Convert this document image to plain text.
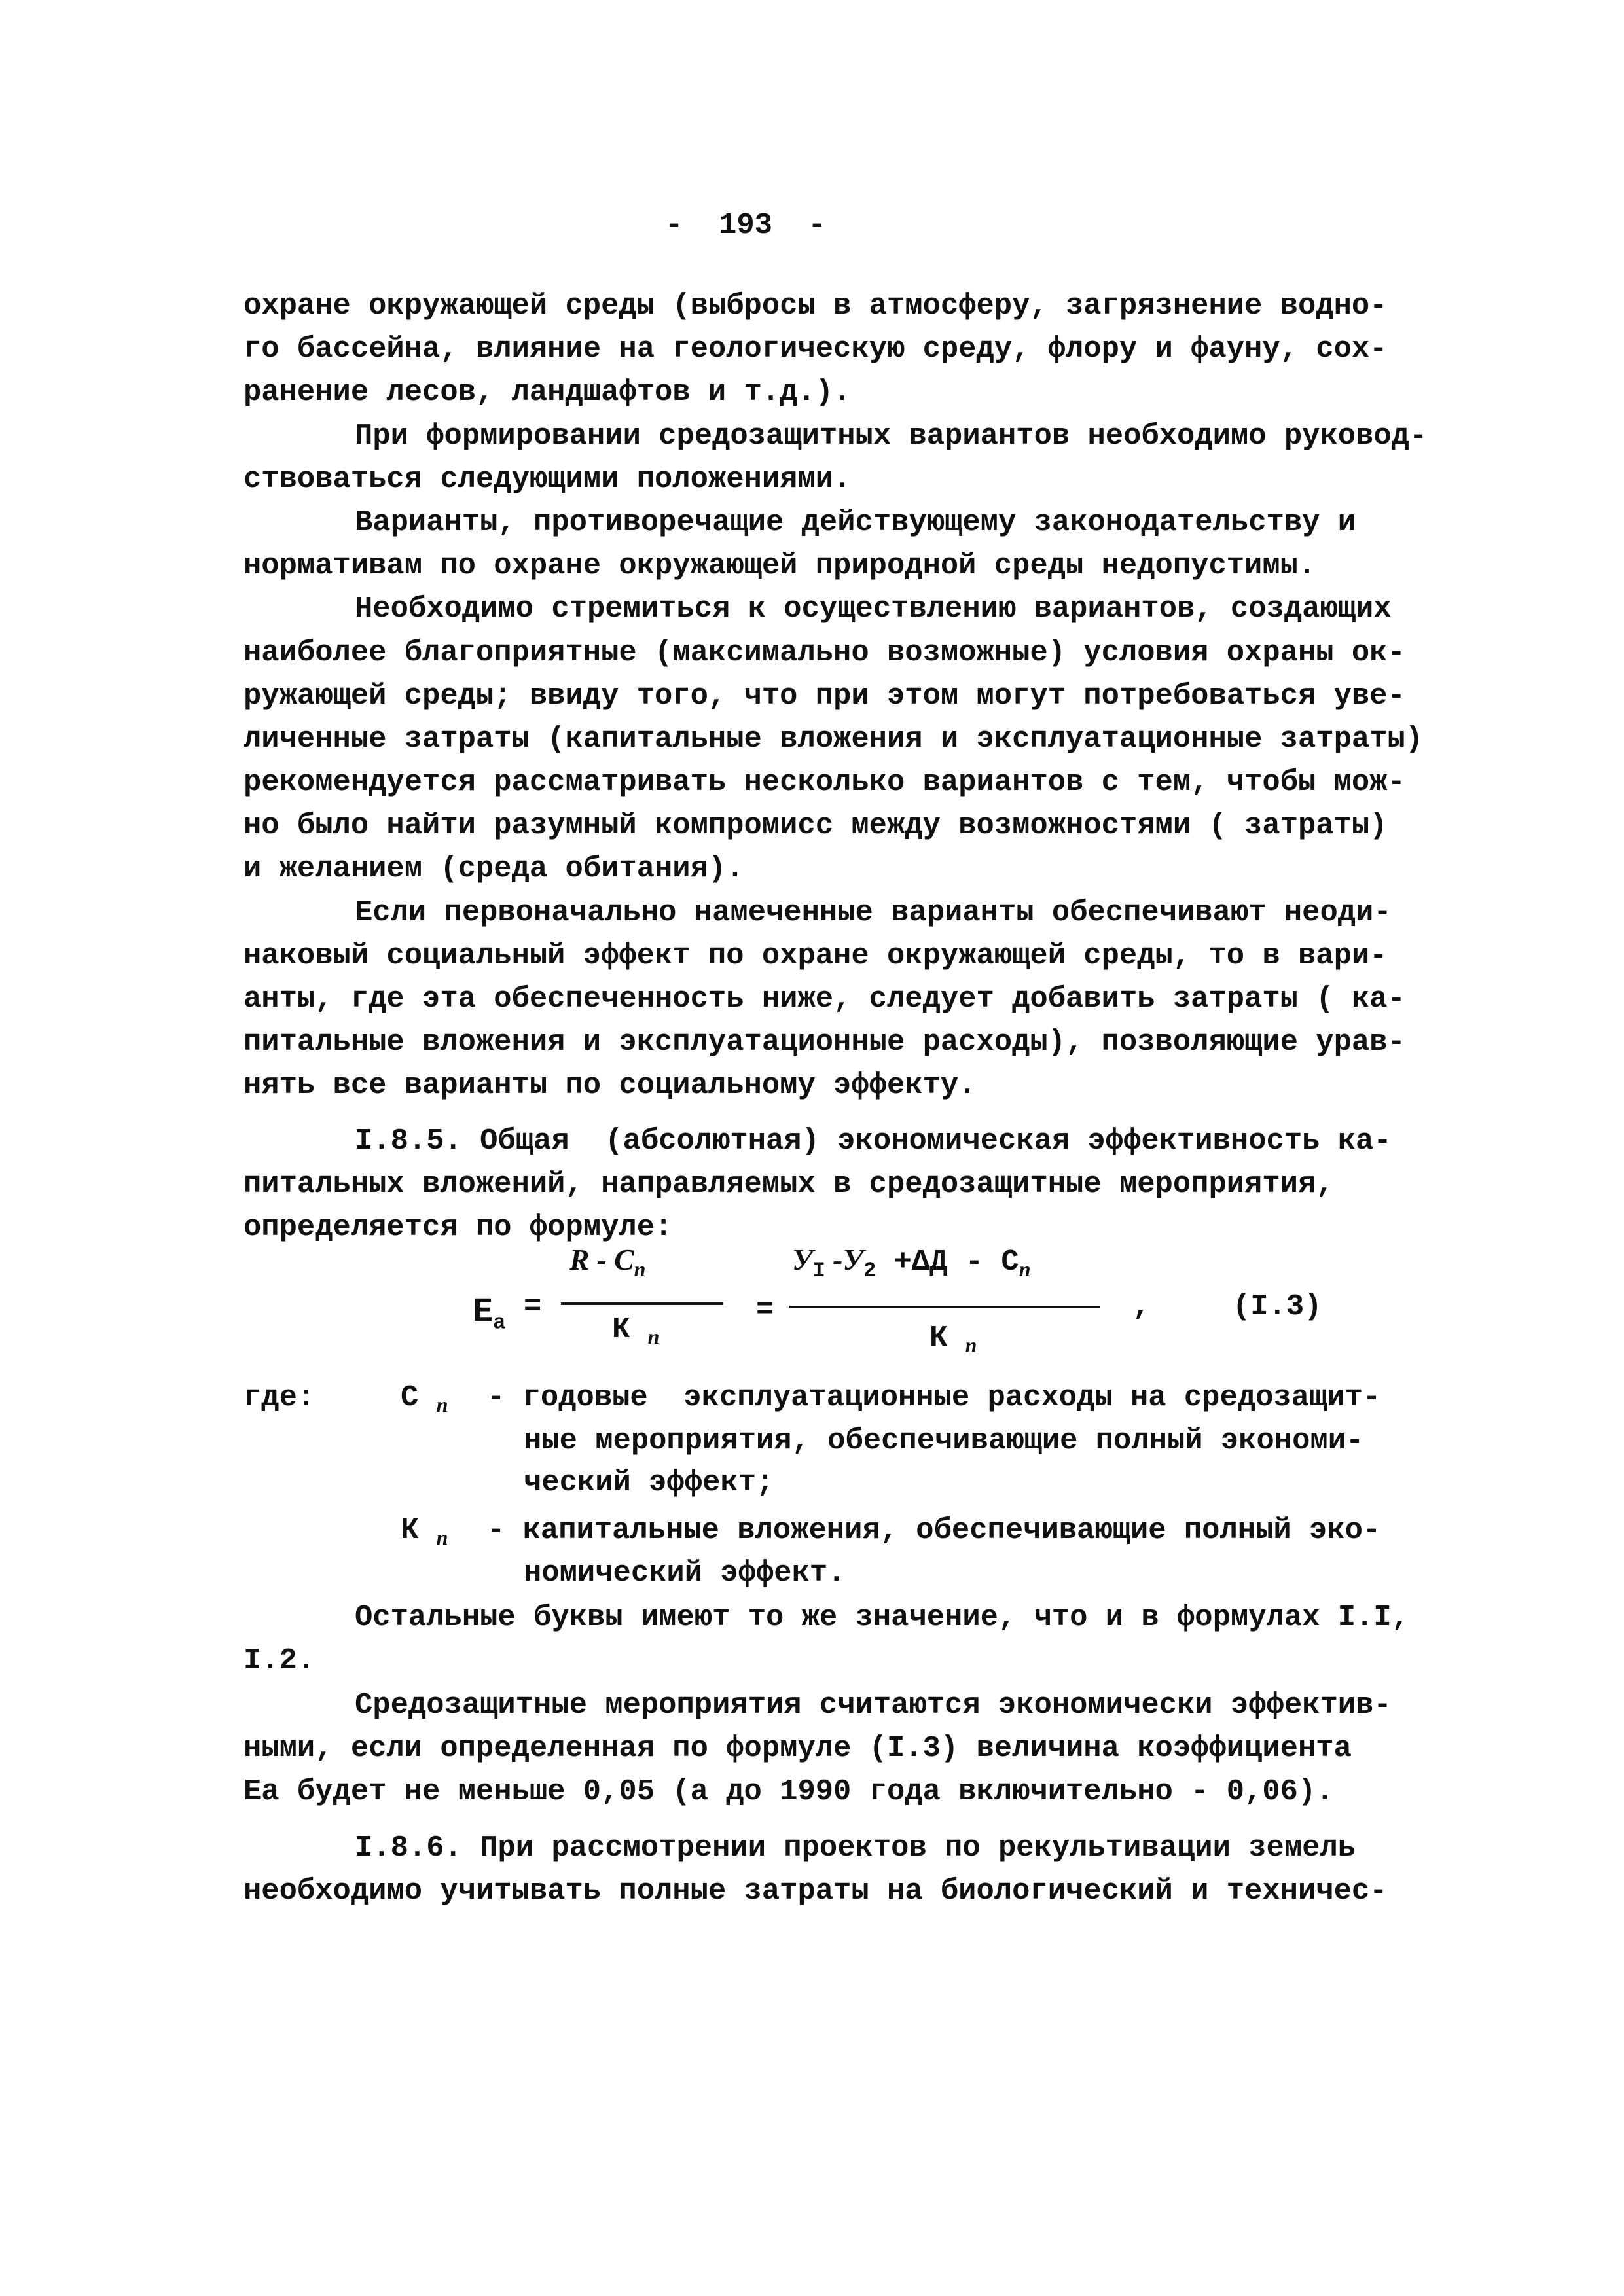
-  193  -
охране окружающей среды (выбросы в атмосферу, загрязнение водно-
го бассейна, влияние на геологическую среду, флору и фауну, сох-
ранение лесов, ландшафтов и т.д.).
При формировании средозащитных вариантов необходимо руковод-
ствоваться следующими положениями.
Варианты, противоречащие действующему законодательству и
нормативам по охране окружающей природной среды недопустимы.
Необходимо стремиться к осуществлению вариантов, создающих
наиболее благоприятные (максимально возможные) условия охраны ок-
ружающей среды; ввиду того, что при этом могут потребоваться уве-
личенные затраты (капитальные вложения и эксплуатационные затраты)
рекомендуется рассматривать несколько вариантов с тем, чтобы мож-
но было найти разумный компромисс между возможностями ( затраты)
и желанием (среда обитания).
Если первоначально намеченные варианты обеспечивают неоди-
наковый социальный эффект по охране окружающей среды, то в вари-
анты, где эта обеспеченность ниже, следует добавить затраты ( ка-
питальные вложения и эксплуатационные расходы), позволяющие урав-
нять все варианты по социальному эффекту.
I.8.5. Общая  (абсолютная) экономическая эффективность ка-
питальных вложений, направляемых в средозащитные мероприятия,
определяется по формуле:
$E_а$ =
R - $C_n$
К $_n$
=
$У_I$ $-У_2 +\Delta Д - C_n$
К $_n$
,	(I.3)
где:	С $_n$ - годовые  эксплуатационные расходы на средозащит-
ные мероприятия, обеспечивающие полный экономи-
ческий эффект;
К $_n$ - капитальные вложения, обеспечивающие полный эко-
номический эффект.
Остальные буквы имеют то же значение, что и в формулах I.I,
I.2.
Средозащитные мероприятия считаются экономически эффектив-
ными, если определенная по формуле (I.3) величина коэффициента
Еа будет не меньше 0,05 (а до 1990 года включительно - 0,06).
I.8.6. При рассмотрении проектов по рекультивации земель
необходимо учитывать полные затраты на биологический и техничес-
